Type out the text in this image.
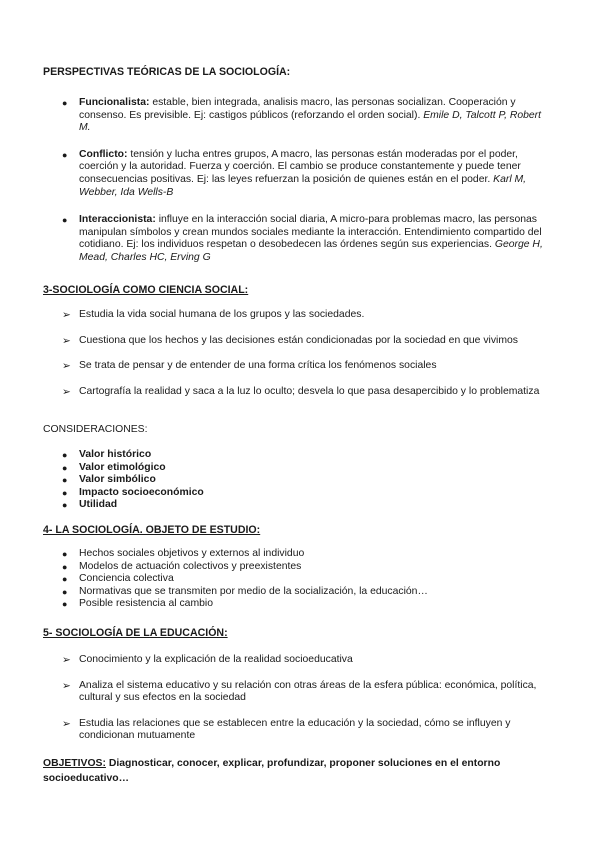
PERSPECTIVAS TEÓRICAS DE LA SOCIOLOGÍA:
●	Funcionalista: estable, bien integrada, analisis macro, las personas socializan. Cooperación y consenso. Es previsible. Ej: castigos públicos (reforzando el orden social). Emile D, Talcott P, Robert M.
●	Conflicto: tensión y lucha entres grupos, A macro, las personas están moderadas por el poder, coerción y la autoridad. Fuerza y coerción. El cambio se produce constantemente y puede tener consecuencias positivas. Ej: las leyes refuerzan la posición de quienes están en el poder. Karl M, Webber, Ida Wells-B
●	Interaccionista: influye en la interacción social diaria, A micro-para problemas macro, las personas manipulan símbolos y crean mundos sociales mediante la interacción. Entendimiento compartido del cotidiano. Ej: los individuos respetan o desobedecen las órdenes según sus experiencias. George H, Mead, Charles HC, Erving G
3-SOCIOLOGÍA COMO CIENCIA SOCIAL:
➢ Estudia la vida social humana de los grupos y las sociedades.
➢ Cuestiona que los hechos y las decisiones están condicionadas por la sociedad en que vivimos
➢ Se trata de pensar y de entender de una forma crítica los fenómenos sociales
➢ Cartografía la realidad y saca a la luz lo oculto; desvela lo que pasa desapercibido y lo problematiza
CONSIDERACIONES:
●	Valor histórico
●	Valor etimológico
●	Valor simbólico
●	Impacto socioeconómico
●	Utilidad
4- LA SOCIOLOGÍA. OBJETO DE ESTUDIO:
●	Hechos sociales objetivos y externos al individuo
●	Modelos de actuación colectivos y preexistentes
●	Conciencia colectiva
●	Normativas que se transmiten por medio de la socialización, la educación…
●	Posible resistencia al cambio
5- SOCIOLOGÍA DE LA EDUCACIÓN:
➢ Conocimiento y la explicación de la realidad socioeducativa
➢ Analiza el sistema educativo y su relación con otras áreas de la esfera pública: económica, política, cultural y sus efectos en la sociedad
➢ Estudia las relaciones que se establecen entre la educación y la sociedad, cómo se influyen y condicionan mutuamente
OBJETIVOS: Diagnosticar, conocer, explicar, profundizar, proponer soluciones en el entorno socioeducativo…
